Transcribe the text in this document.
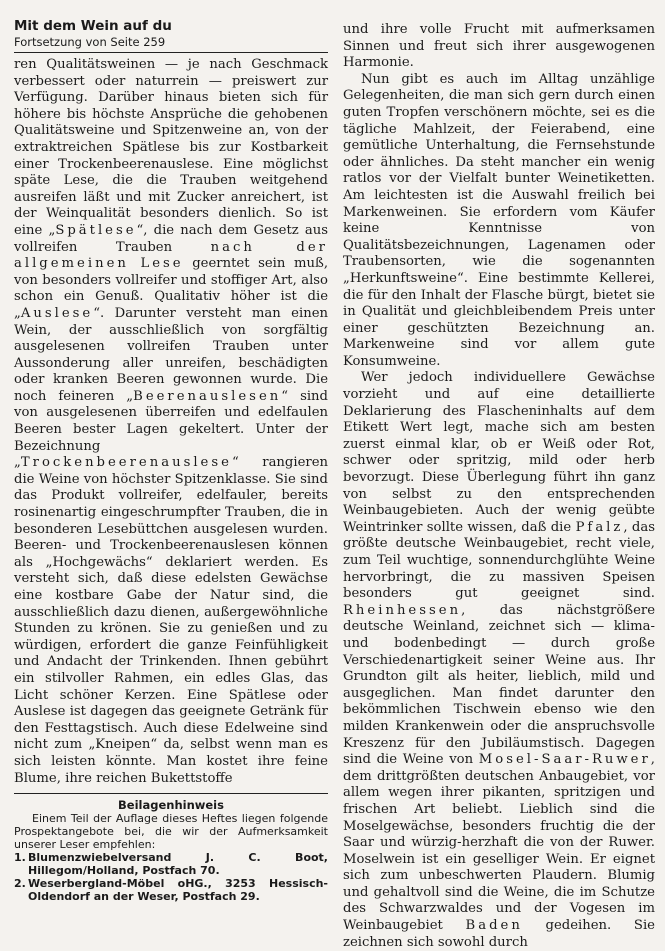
Mit dem Wein auf du
Fortsetzung von Seite 259

ren Qualitätsweinen — je nach Geschmack verbessert oder naturrein — preiswert zur Verfügung. Darüber hinaus bieten sich für höhere bis höchste Ansprüche die gehobenen Qualitätsweine und Spitzenweine an, von der extraktreichen Spätlese bis zur Kostbarkeit einer Trockenbeerenauslese. Eine möglichst späte Lese, die die Trauben weitgehend ausreifen läßt und mit Zucker anreichert, ist der Weinqualität besonders dienlich. So ist eine „Spätlese“, die nach dem Gesetz aus vollreifen Trauben nach der allgemeinen Lese geerntet sein muß, von besonders vollreifer und stoffiger Art, also schon ein Genuß. Qualitativ höher ist die „Auslese“. Darunter versteht man einen Wein, der ausschließlich von sorgfältig ausgelesenen vollreifen Trauben unter Aussonderung aller unreifen, beschädigten oder kranken Beeren gewonnen wurde. Die noch feineren „Beerenauslesen“ sind von ausgelesenen überreifen und edelfaulen Beeren bester Lagen gekeltert. Unter der Bezeichnung „Trockenbeerenauslese“ rangieren die Weine von höchster Spitzenklasse. Sie sind das Produkt vollreifer, edelfauler, bereits rosinenartig eingeschrumpfter Trauben, die in besonderen Lesebüttchen ausgelesen wurden. Beeren- und Trockenbeerenauslesen können als „Hochgewächs“ deklariert werden. Es versteht sich, daß diese edelsten Gewächse eine kostbare Gabe der Natur sind, die ausschließlich dazu dienen, außergewöhnliche Stunden zu krönen. Sie zu genießen und zu würdigen, erfordert die ganze Feinfühligkeit und Andacht der Trinkenden. Ihnen gebührt ein stilvoller Rahmen, ein edles Glas, das Licht schöner Kerzen. Eine Spätlese oder Auslese ist dagegen das geeignete Getränk für den Festtagstisch. Auch diese Edelweine sind nicht zum „Kneipen“ da, selbst wenn man es sich leisten könnte. Man kostet ihre feine Blume, ihre reichen Bukettstoffe

Beilagenhinweis
Einem Teil der Auflage dieses Heftes liegen folgende Prospektangebote bei, die wir der Aufmerksamkeit unserer Leser empfehlen:
1. Blumenzwiebelversand J. C. Boot, Hillegom/Holland, Postfach 70.
2. Weserbergland-Möbel oHG., 3253 Hessisch-Oldendorf an der Weser, Postfach 29.

und ihre volle Frucht mit aufmerksamen Sinnen und freut sich ihrer ausgewogenen Harmonie.

Nun gibt es auch im Alltag unzählige Gelegenheiten, die man sich gern durch einen guten Tropfen verschönern möchte, sei es die tägliche Mahlzeit, der Feierabend, eine gemütliche Unterhaltung, die Fernsehstunde oder ähnliches. Da steht mancher ein wenig ratlos vor der Vielfalt bunter Weinetiketten. Am leichtesten ist die Auswahl freilich bei Markenweinen. Sie erfordern vom Käufer keine Kenntnisse von Qualitätsbezeichnungen, Lagenamen oder Traubensorten, wie die sogenannten „Herkunftsweine“. Eine bestimmte Kellerei, die für den Inhalt der Flasche bürgt, bietet sie in Qualität und gleichbleibendem Preis unter einer geschützten Bezeichnung an. Markenweine sind vor allem gute Konsumweine.

Wer jedoch individuellere Gewächse vorzieht und auf eine detaillierte Deklarierung des Flascheninhalts auf dem Etikett Wert legt, mache sich am besten zuerst einmal klar, ob er Weiß oder Rot, schwer oder spritzig, mild oder herb bevorzugt. Diese Überlegung führt ihn ganz von selbst zu den entsprechenden Weinbaugebieten. Auch der wenig geübte Weintrinker sollte wissen, daß die Pfalz, das größte deutsche Weinbaugebiet, recht viele, zum Teil wuchtige, sonnendurchglühte Weine hervorbringt, die zu massiven Speisen besonders gut geeignet sind. Rheinhessen, das nächstgrößere deutsche Weinland, zeichnet sich — klima- und bodenbedingt — durch große Verschiedenartigkeit seiner Weine aus. Ihr Grundton gilt als heiter, lieblich, mild und ausgeglichen. Man findet darunter den bekömmlichen Tischwein ebenso wie den milden Krankenwein oder die anspruchsvolle Kreszenz für den Jubiläumstisch. Dagegen sind die Weine von Mosel-Saar-Ruwer, dem drittgrößten deutschen Anbaugebiet, vor allem wegen ihrer pikanten, spritzigen und frischen Art beliebt. Lieblich sind die Moselgewächse, besonders fruchtig die der Saar und würzig-herzhaft die von der Ruwer. Moselwein ist ein geselliger Wein. Er eignet sich zum unbeschwerten Plaudern. Blumig und gehaltvoll sind die Weine, die im Schutze des Schwarzwaldes und der Vogesen im Weinbaugebiet Baden gedeihen. Sie zeichnen sich sowohl durch
